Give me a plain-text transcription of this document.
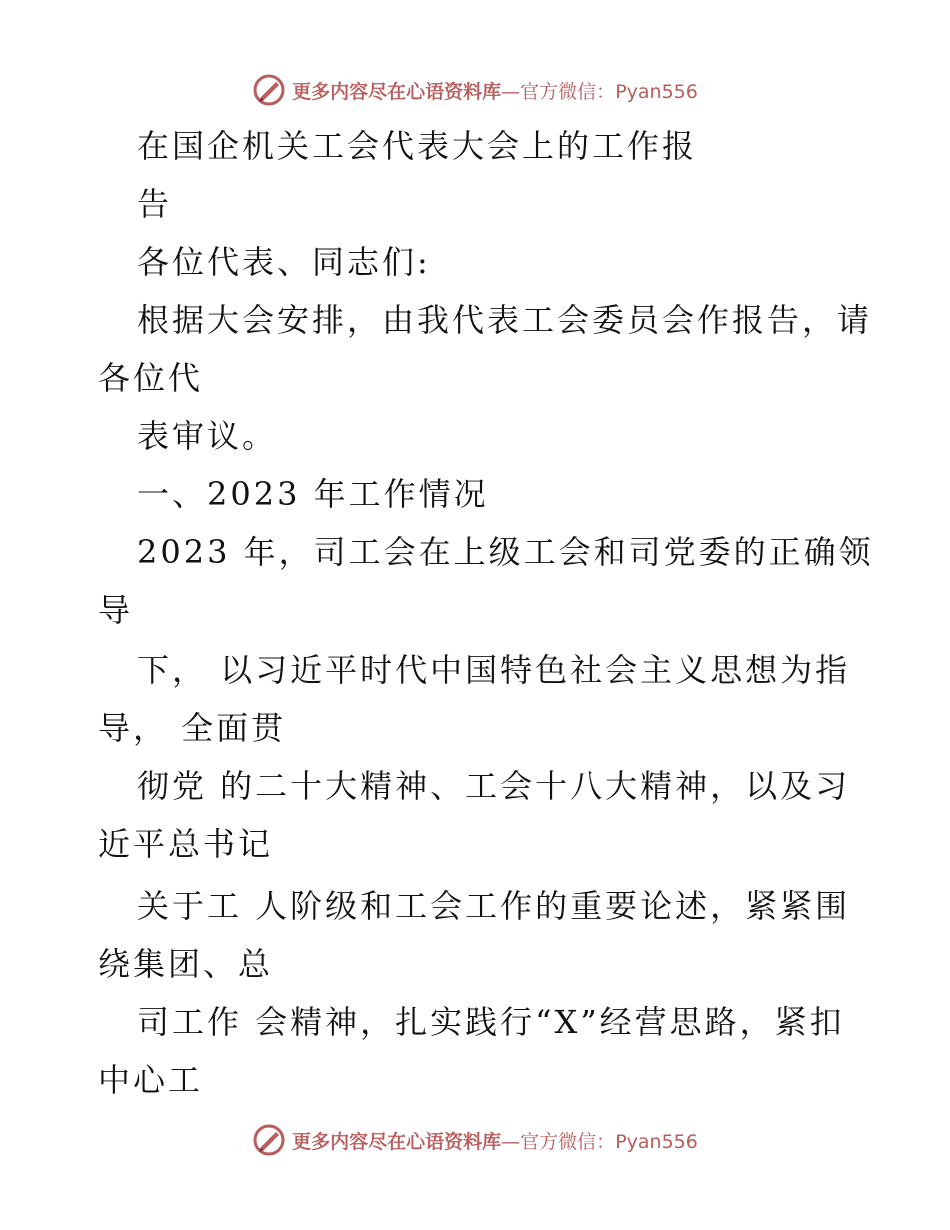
更多内容尽在心语资料库—官方微信：Pyan556
在国企机关工会代表大会上的工作报
告
各位代表、同志们:
根据大会安排，由我代表工会委员会作报告，请
各位代
表审议。
一、2023 年工作情况
2023 年，司工会在上级工会和司党委的正确领
导
下， 以习近平时代中国特色社会主义思想为指
导， 全面贯
彻党 的二十大精神、工会十八大精神，以及习
近平总书记
关于工 人阶级和工会工作的重要论述，紧紧围
绕集团、总
司工作 会精神，扎实践行“X”经营思路，紧扣
中心工
更多内容尽在心语资料库—官方微信：Pyan556
